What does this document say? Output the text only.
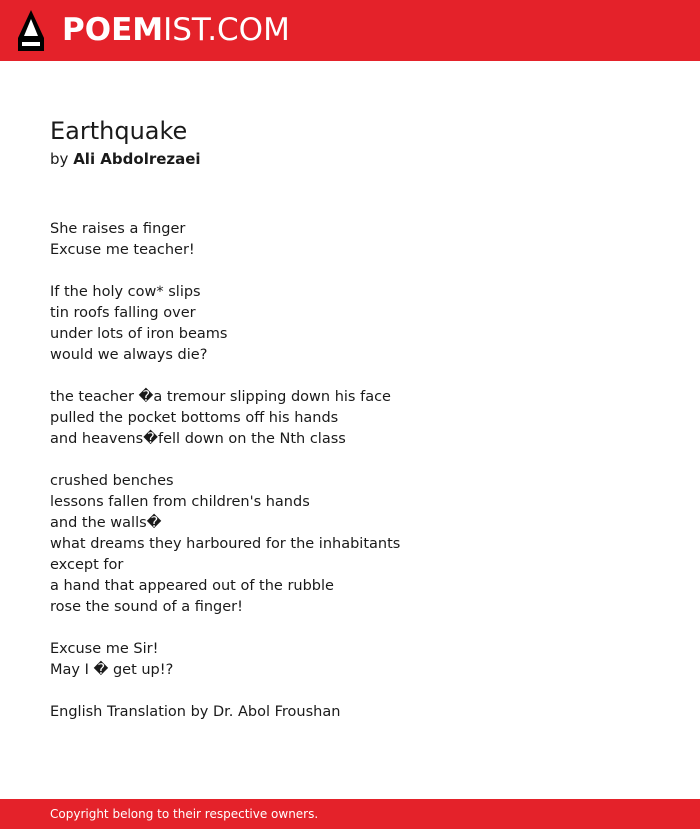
POEMIST.COM
Earthquake
by Ali Abdolrezaei
She raises a finger
Excuse me teacher!
If the holy cow* slips
tin roofs falling over
under lots of iron beams
would we always die?
the teacher �a tremour slipping down his face
pulled the pocket bottoms off his hands
and heavens�fell down on the Nth class
crushed benches
lessons fallen from children's hands
and the walls�
what dreams they harboured for the inhabitants
except for
a hand that appeared out of the rubble
rose the sound of a finger!
Excuse me Sir!
May I � get up!?
English Translation by Dr. Abol Froushan
Copyright belong to their respective owners.
